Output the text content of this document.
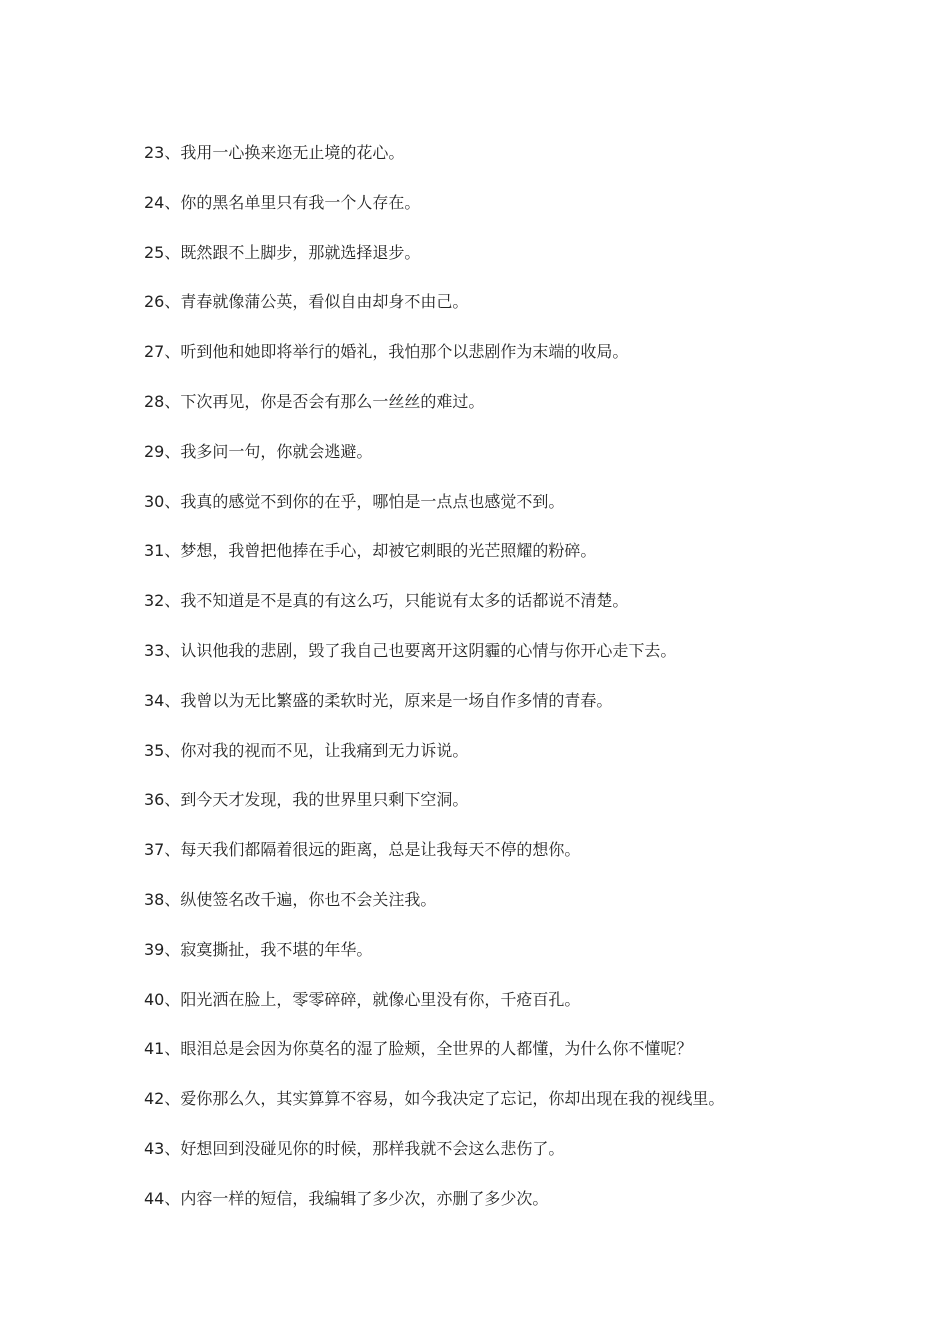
23、我用一心换来迩无止境的花心。
24、你的黑名单里只有我一个人存在。
25、既然跟不上脚步，那就选择退步。
26、青春就像蒲公英，看似自由却身不由己。
27、听到他和她即将举行的婚礼，我怕那个以悲剧作为末端的收局。
28、下次再见，你是否会有那么一丝丝的难过。
29、我多问一句，你就会逃避。
30、我真的感觉不到你的在乎，哪怕是一点点也感觉不到。
31、梦想，我曾把他捧在手心，却被它刺眼的光芒照耀的粉碎。
32、我不知道是不是真的有这么巧，只能说有太多的话都说不清楚。
33、认识他我的悲剧，毁了我自己也要离开这阴霾的心情与你开心走下去。
34、我曾以为无比繁盛的柔软时光，原来是一场自作多情的青春。
35、你对我的视而不见，让我痛到无力诉说。
36、到今天才发现，我的世界里只剩下空洞。
37、每天我们都隔着很远的距离，总是让我每天不停的想你。
38、纵使签名改千遍，你也不会关注我。
39、寂寞撕扯，我不堪的年华。
40、阳光洒在脸上，零零碎碎，就像心里没有你，千疮百孔。
41、眼泪总是会因为你莫名的湿了脸颊，全世界的人都懂，为什么你不懂呢？
42、爱你那么久，其实算算不容易，如今我决定了忘记，你却出现在我的视线里。
43、好想回到没碰见你的时候，那样我就不会这么悲伤了。
44、内容一样的短信，我编辑了多少次，亦删了多少次。
